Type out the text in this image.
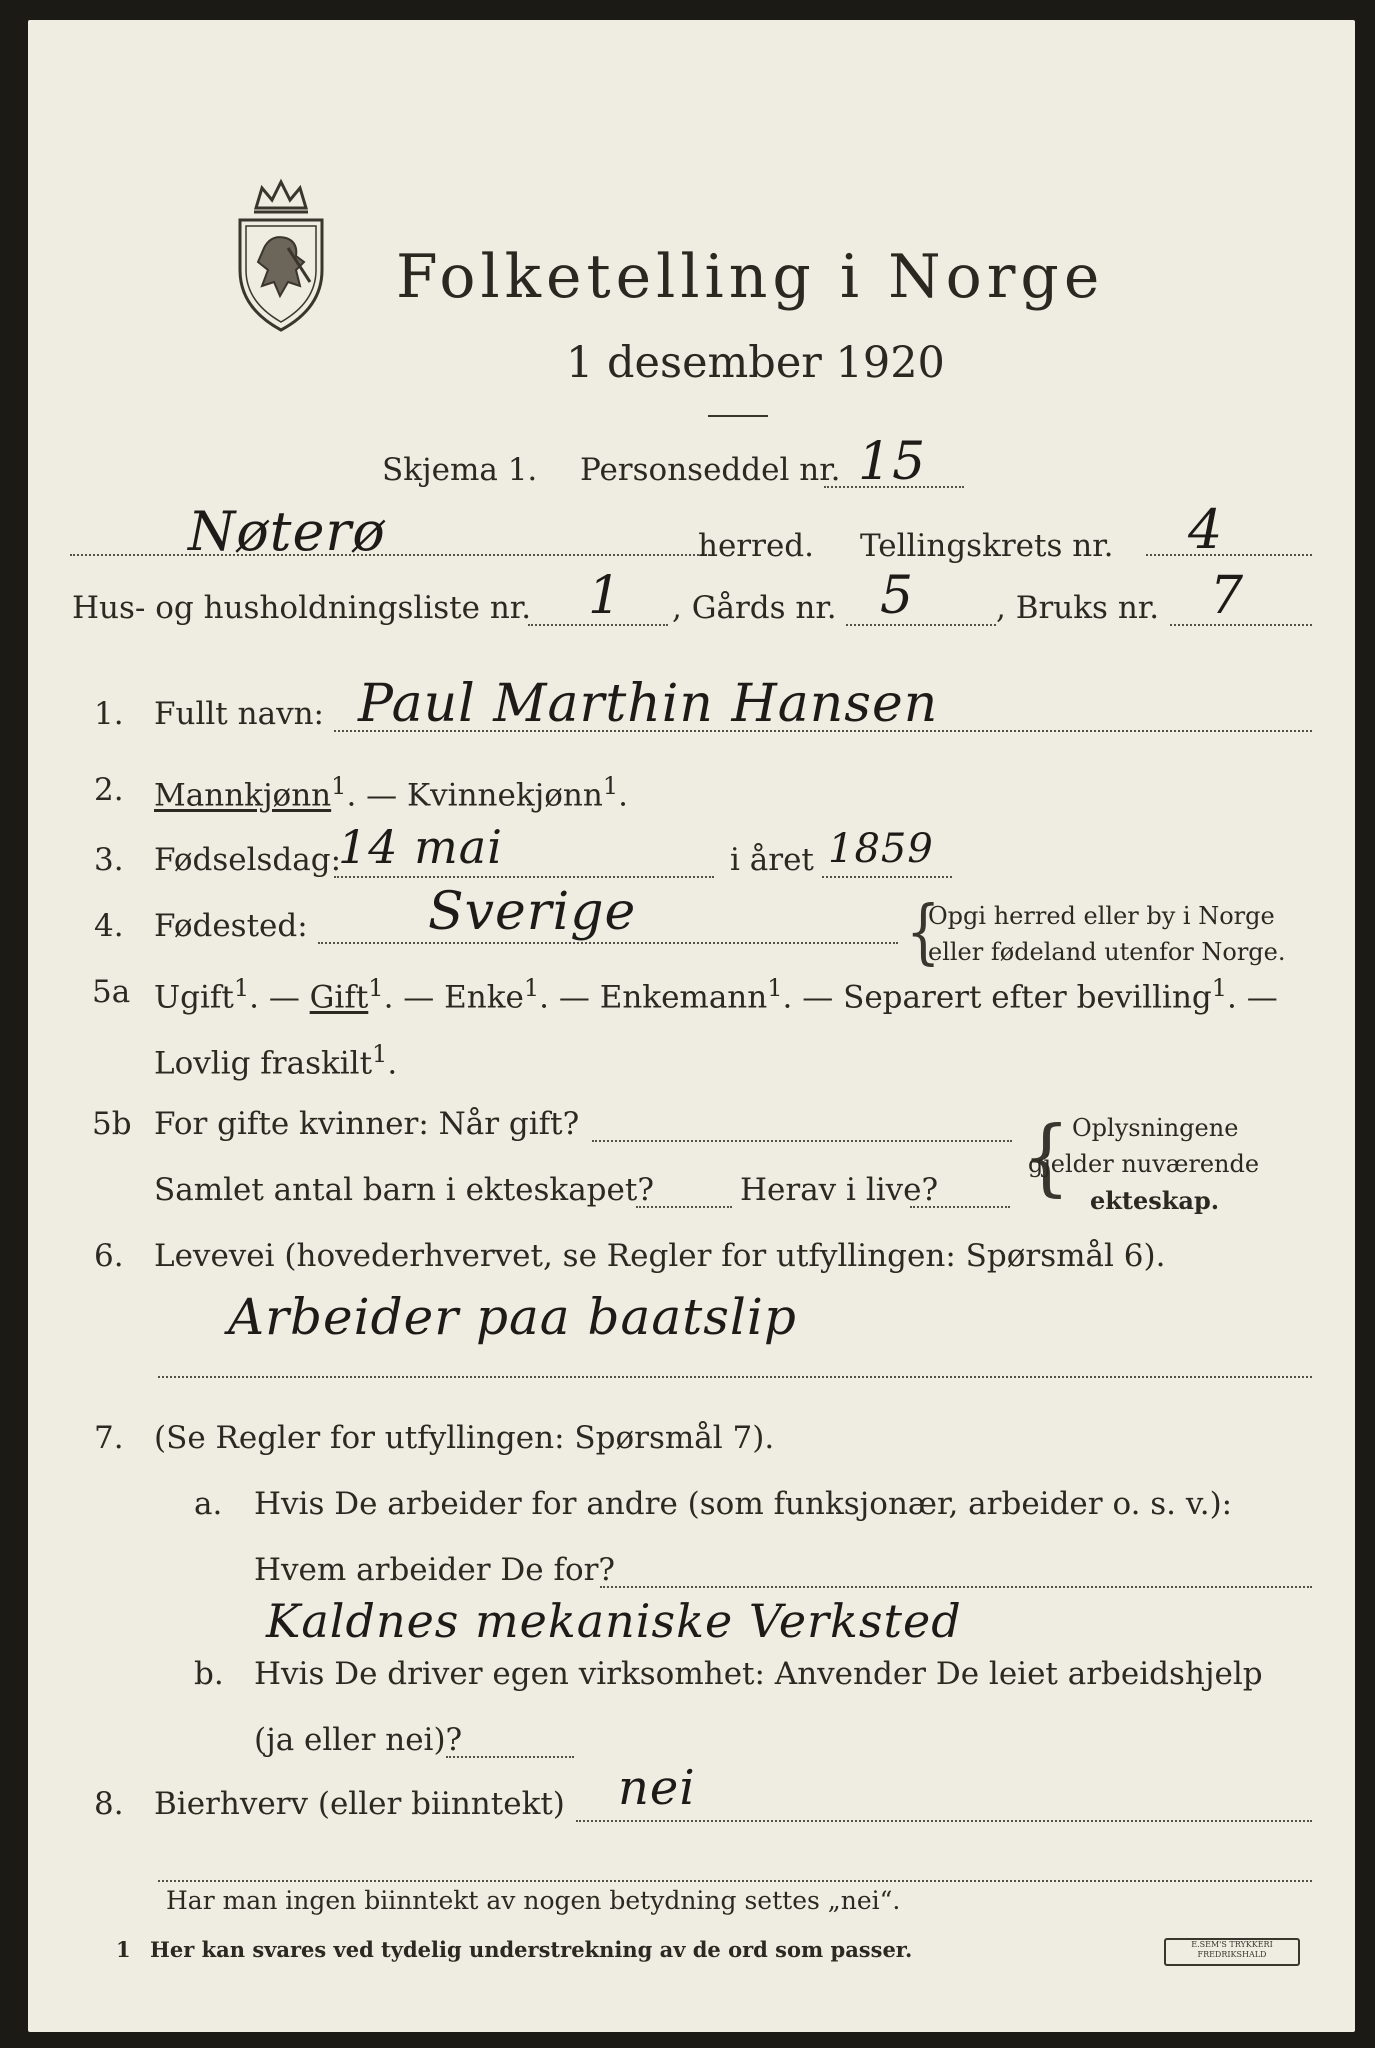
Folketelling i Norge
1 desember 1920
Skjema 1. Personseddel nr. 15
Nøterø	herred. Tellingskrets nr. 4
Hus- og husholdningsliste nr. 1 , Gårds nr. 5	, Bruks nr. 7
1. Fullt navn: Paul Marthin Hansen
2. Mannkjønn$^1$. — Kvinnekjønn$^1$.
3. Fødselsdag:
14 mai	i året 1859
4. Fødested: Sverige	{
Opgi herred eller by i Norge
eller fødeland utenfor Norge.
5a Ugift$^1$. — Gift$^1$. — Enke$^1$. — Enkemann$^1$. — Separert efter bevilling$^1$. —
Lovlig fraskilt$^1$.
5b For gifte kvinner: Når gift?
Samlet antal barn i ekteskapet?	Herav i live? { Oplysningene
gjelder nuværende
ekteskap.
6. Levevei (hovederhvervet, se Regler for utfyllingen: Spørsmål 6).
Arbeider paa baatslip
7. (Se Regler for utfyllingen: Spørsmål 7).
a. Hvis De arbeider for andre (som funksjonær, arbeider o. s. v.):
Hvem arbeider De for?
Kaldnes mekaniske Verksted
b. Hvis De driver egen virksomhet: Anvender De leiet arbeidshjelp
(ja eller nei)?
8. Bierhverv (eller biinntekt) nei
Har man ingen biinntekt av nogen betydning settes „nei“.
1 Her kan svares ved tydelig understrekning av de ord som passer.	E.SEM'S TRYKKERI FREDRIKSHALD
